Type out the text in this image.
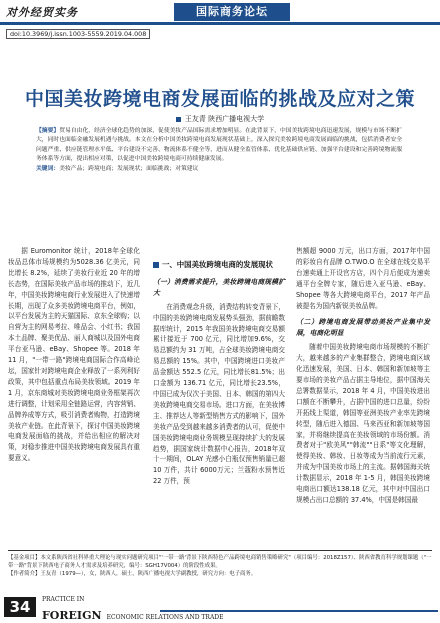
对外经贸实务	国际商务论坛
doi:10.3969/j.issn.1003-5559.2019.04.008
中国美妆跨境电商发展面临的挑战及应对之策
王友青 陕西广播电视大学
【摘要】贸易自由化，经济全球化趋势的加深，促使美妆产品国际需求增加明显。在此背景下，中国美妆跨境电商迅速发展，规模与市场不断扩大，同时也面临金融发展机遇与挑战。本文在分析中国美妆跨境电商发展现状基础上，深入探究美妆跨境电商发展面临的挑战，包括消费者安全问题严重、供应链管理水平低、平台建设不完善、物流体系不健全等，进而从健全监管体系、优化基础供应链、加强平台建设和完善跨境物流服务体系等方面，提出相应对策，以促进中国美妆跨境电商可持续健康发展。
关键词：美妆产品；跨境电商；发展现状；面临挑战；对策建议

据 Euromonitor 统计，2018年全球化妆品总体市场规模约为5028.36 亿美元，同比增长 8.2%，延续了美妆行业近 20 年的增长态势，在国际美妆产品市场的推动下，近几年，中国美妆跨境电商行业发展进入了快速增长期，出现了众多美妆跨境电商平台，例如，以平台发展为主的天猫国际、京东全球购；以自营为主的网易考拉、唯品会、小红书；我国本土品牌、聚美优品、丽人商城以及国外电商平台亚马逊、eBay、Shopee 等。2018 年 11 月，"一带一路"跨境电商国际合作高峰论坛，国家针对跨境电商企业释放了一系列利好政策，其中包括重点布局美妆领域。2019 年 1 月，京东商城对美妆跨境电商业务框架再次进行调整，计划采用全链路运营，内容营销、品牌养成等方式，吸引消费者购物，打造跨境美妆产业链。在此背景下，探讨中国美妆跨境电商发展面临的挑战，并给出相应的解决对策，对稳步推进中国美妆跨境电商发展具有重要意义。

一、中国美妆跨境电商的发展现状
（一）消费需求提升，美妆跨境电商规模扩大

在消费观念升级，消费结构转变背景下，中国的美妆跨境电商发展势头强劲，据前瞻数据库统计，2015 年我国美妆跨境电商交易额累计接近于 700 亿元，同比增加9.6%，交易总额约为 31 万吨，占全球美妆跨境电商交易总额的 15%。其中，中国跨境进口美妆产品金额达 552.5 亿元，同比增长81.5%；出口金额为 136.71 亿元，同比增长23.5%，中国已成为仅次于美国、日本、韩国的第四大美妆跨境电商交易市场。进口方面，在美妆博主、推荐达人等新型销售方式的影响下，国外美妆产品受到越来越多消费者的认可，促使中国美妆跨境电商业务规模呈现持续扩大的发展趋势，据国家统计数据中心报告，2018年双十一期间，OLAY 光感小白瓶仅预售销量已超 10 万件，共计 6000万元；兰蔻粉水预售近 22 万件，预

售额超 9000 万元，出口方面，2017年中国的彩妆自有品牌 O.TWO.O 在全球在线交易平台速卖通上开设官方店，四个月后便成为速卖通平台全牌专家，随后进入亚马逊、eBay、Shopee 等各大跨境电商平台，2017 年产品被提名为国内新锐美妆品牌。

（二）跨境电商发展带动美妆产业集中发展，电商化明显

随着中国美妆跨境电商市场规模的不断扩大，越来越多的产业集群整合，跨境电商区域化迅速发展，美国、日本、韩国和新加坡等主要市场的美妆产品占据主导地位，据中国海关总署数据显示，2018 年 4 月，中国美妆进出口额在不断攀升，占据中国的进口总量，纷纷开拓线上渠道，韩国等亚洲美妆产业率先跨境转型，随后进入德国、马来西亚和新加坡等国家，并将继续提高在美妆领域的市场份额。消费者对于"欧美风""韩流""日系"等文化理解，使得美妆、韩妆、日妆等成为当前流行元素，并成为中国美妆市场上的主流。据韩国海关统计数据显示，2018 年 1-5 月，韩国美妆跨境电商出口额达138.18 亿元，其中对中国出口规模占出口总额的 37.4%，中国是韩国最

【基金项目】本文系陕西省社科界重大理论与现实问题研究项目"'一带一路'背景下陕西特色产品跨境电商销售策略研究"（项目编号：2018Z157）、陕西省教育科学规划课题（"一带一路"背景下陕西电子商务人才需求及培养研究，编号：SGH17V004）的阶段性成果。
【作者简介】王友青（1979—），女，陕西人，硕士，陕西广播电视大学副教授，研究方向：电子商务。
34	PRACTICE IN
FOREIGN ECONOMIC RELATIONS AND TRADE
